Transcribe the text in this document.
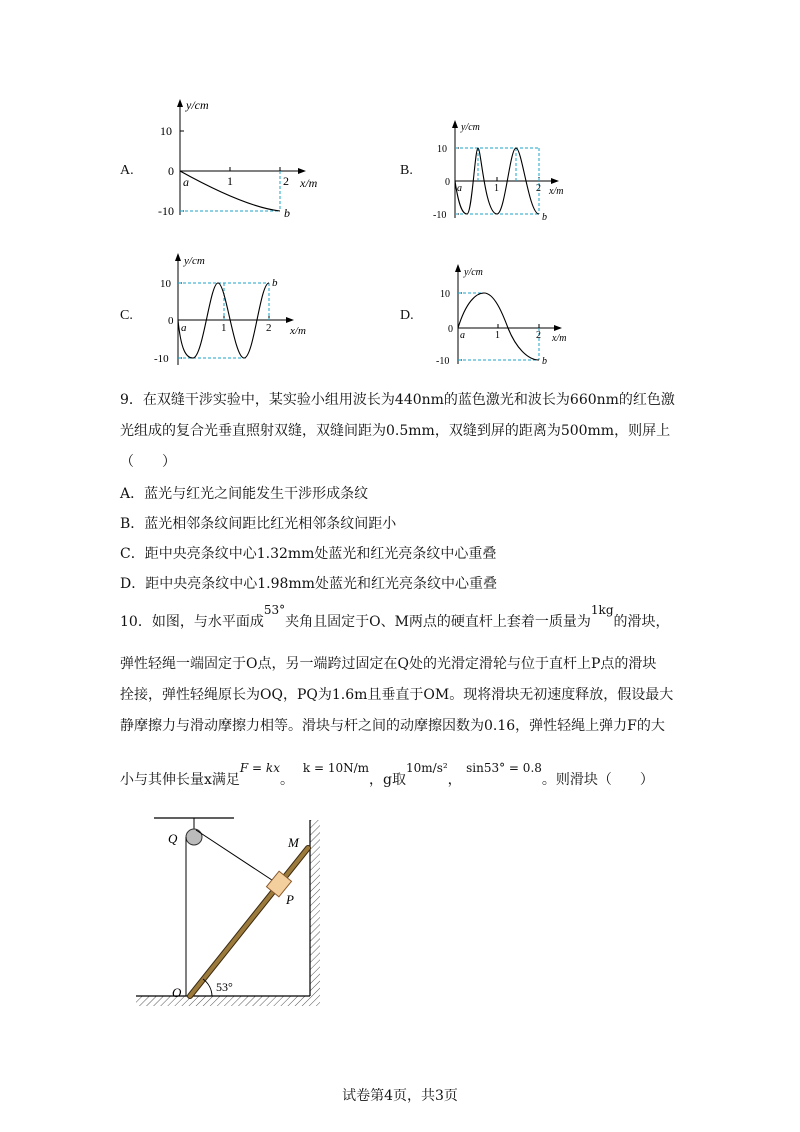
A.
y/cm
x/m
10
0
-10
1	2
a
b
B.
y/cm
x/m
10
0
-10
1	2
a
b
C.
y/cm
x/m
10
0
-10
1	2
a
b
D.
y/cm
x/m
10
0
-10
1	2
a
b
9．在双缝干涉实验中，某实验小组用波长为440nm的蓝色激光和波长为660nm的红色激
光组成的复合光垂直照射双缝，双缝间距为0.5mm，双缝到屏的距离为500mm，则屏上
（　　）
A．蓝光与红光之间能发生干涉形成条纹
B．蓝光相邻条纹间距比红光相邻条纹间距小
C．距中央亮条纹中心1.32mm处蓝光和红光亮条纹中心重叠
D．距中央亮条纹中心1.98mm处蓝光和红光亮条纹中心重叠
10．如图，与水平面成53°夹角且固定于O、M两点的硬直杆上套着一质量为1kg的滑块，
弹性轻绳一端固定于O点，另一端跨过固定在Q处的光滑定滑轮与位于直杆上P点的滑块
拴接，弹性轻绳原长为OQ，PQ为1.6m且垂直于OM。现将滑块无初速度释放，假设最大
静摩擦力与滑动摩擦力相等。滑块与杆之间的动摩擦因数为0.16，弹性轻绳上弹力F的大
小与其伸长量x满足F = kx。  k = 10N/m，g取10m/s²， sin53° = 0.8。则滑块（　　）
Q	M
P
O	53°
试卷第4页，共3页
